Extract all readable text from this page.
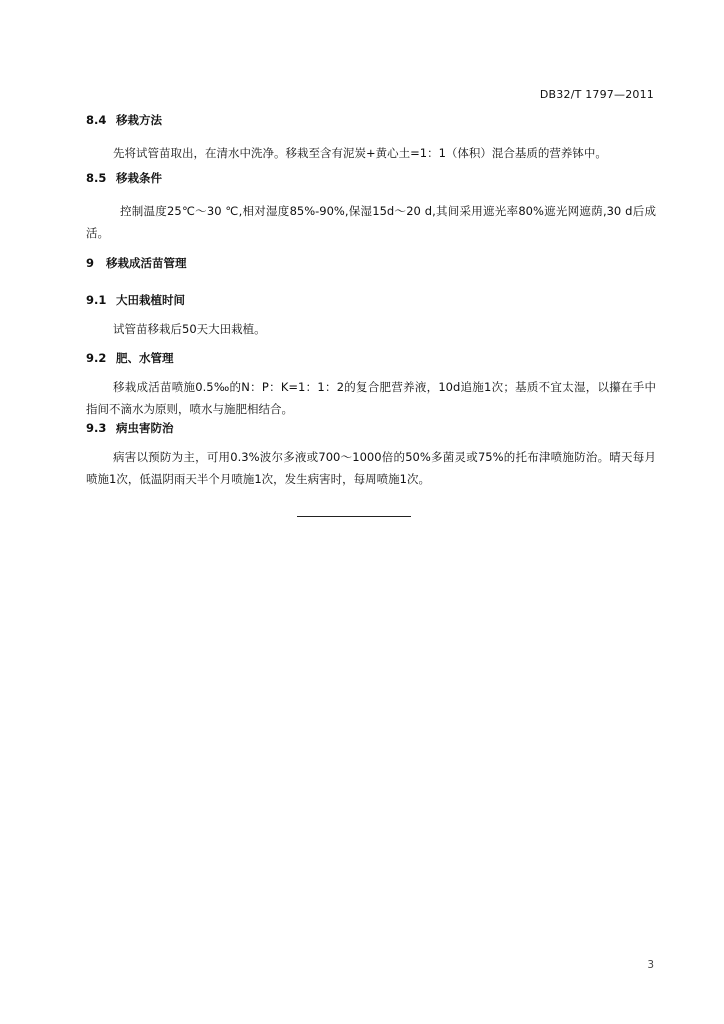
DB32/T 1797—2011
8.4 移栽方法
先将试管苗取出，在清水中洗净。移栽至含有泥炭+黄心土=1：1（体积）混合基质的营养钵中。
8.5 移栽条件
控制温度25℃～30 ℃,相对湿度85%-90%,保湿15d～20 d,其间采用遮光率80%遮光网遮荫,30 d后成活。
9 移栽成活苗管理
9.1 大田栽植时间
试管苗移栽后50天大田栽植。
9.2 肥、水管理
移栽成活苗喷施0.5‰的N：P：K=1：1：2的复合肥营养液，10d追施1次；基质不宜太湿，以攥在手中指间不滴水为原则，喷水与施肥相结合。
9.3 病虫害防治
病害以预防为主，可用0.3%波尔多液或700～1000倍的50%多菌灵或75%的托布津喷施防治。晴天每月喷施1次，低温阴雨天半个月喷施1次，发生病害时，每周喷施1次。
3
